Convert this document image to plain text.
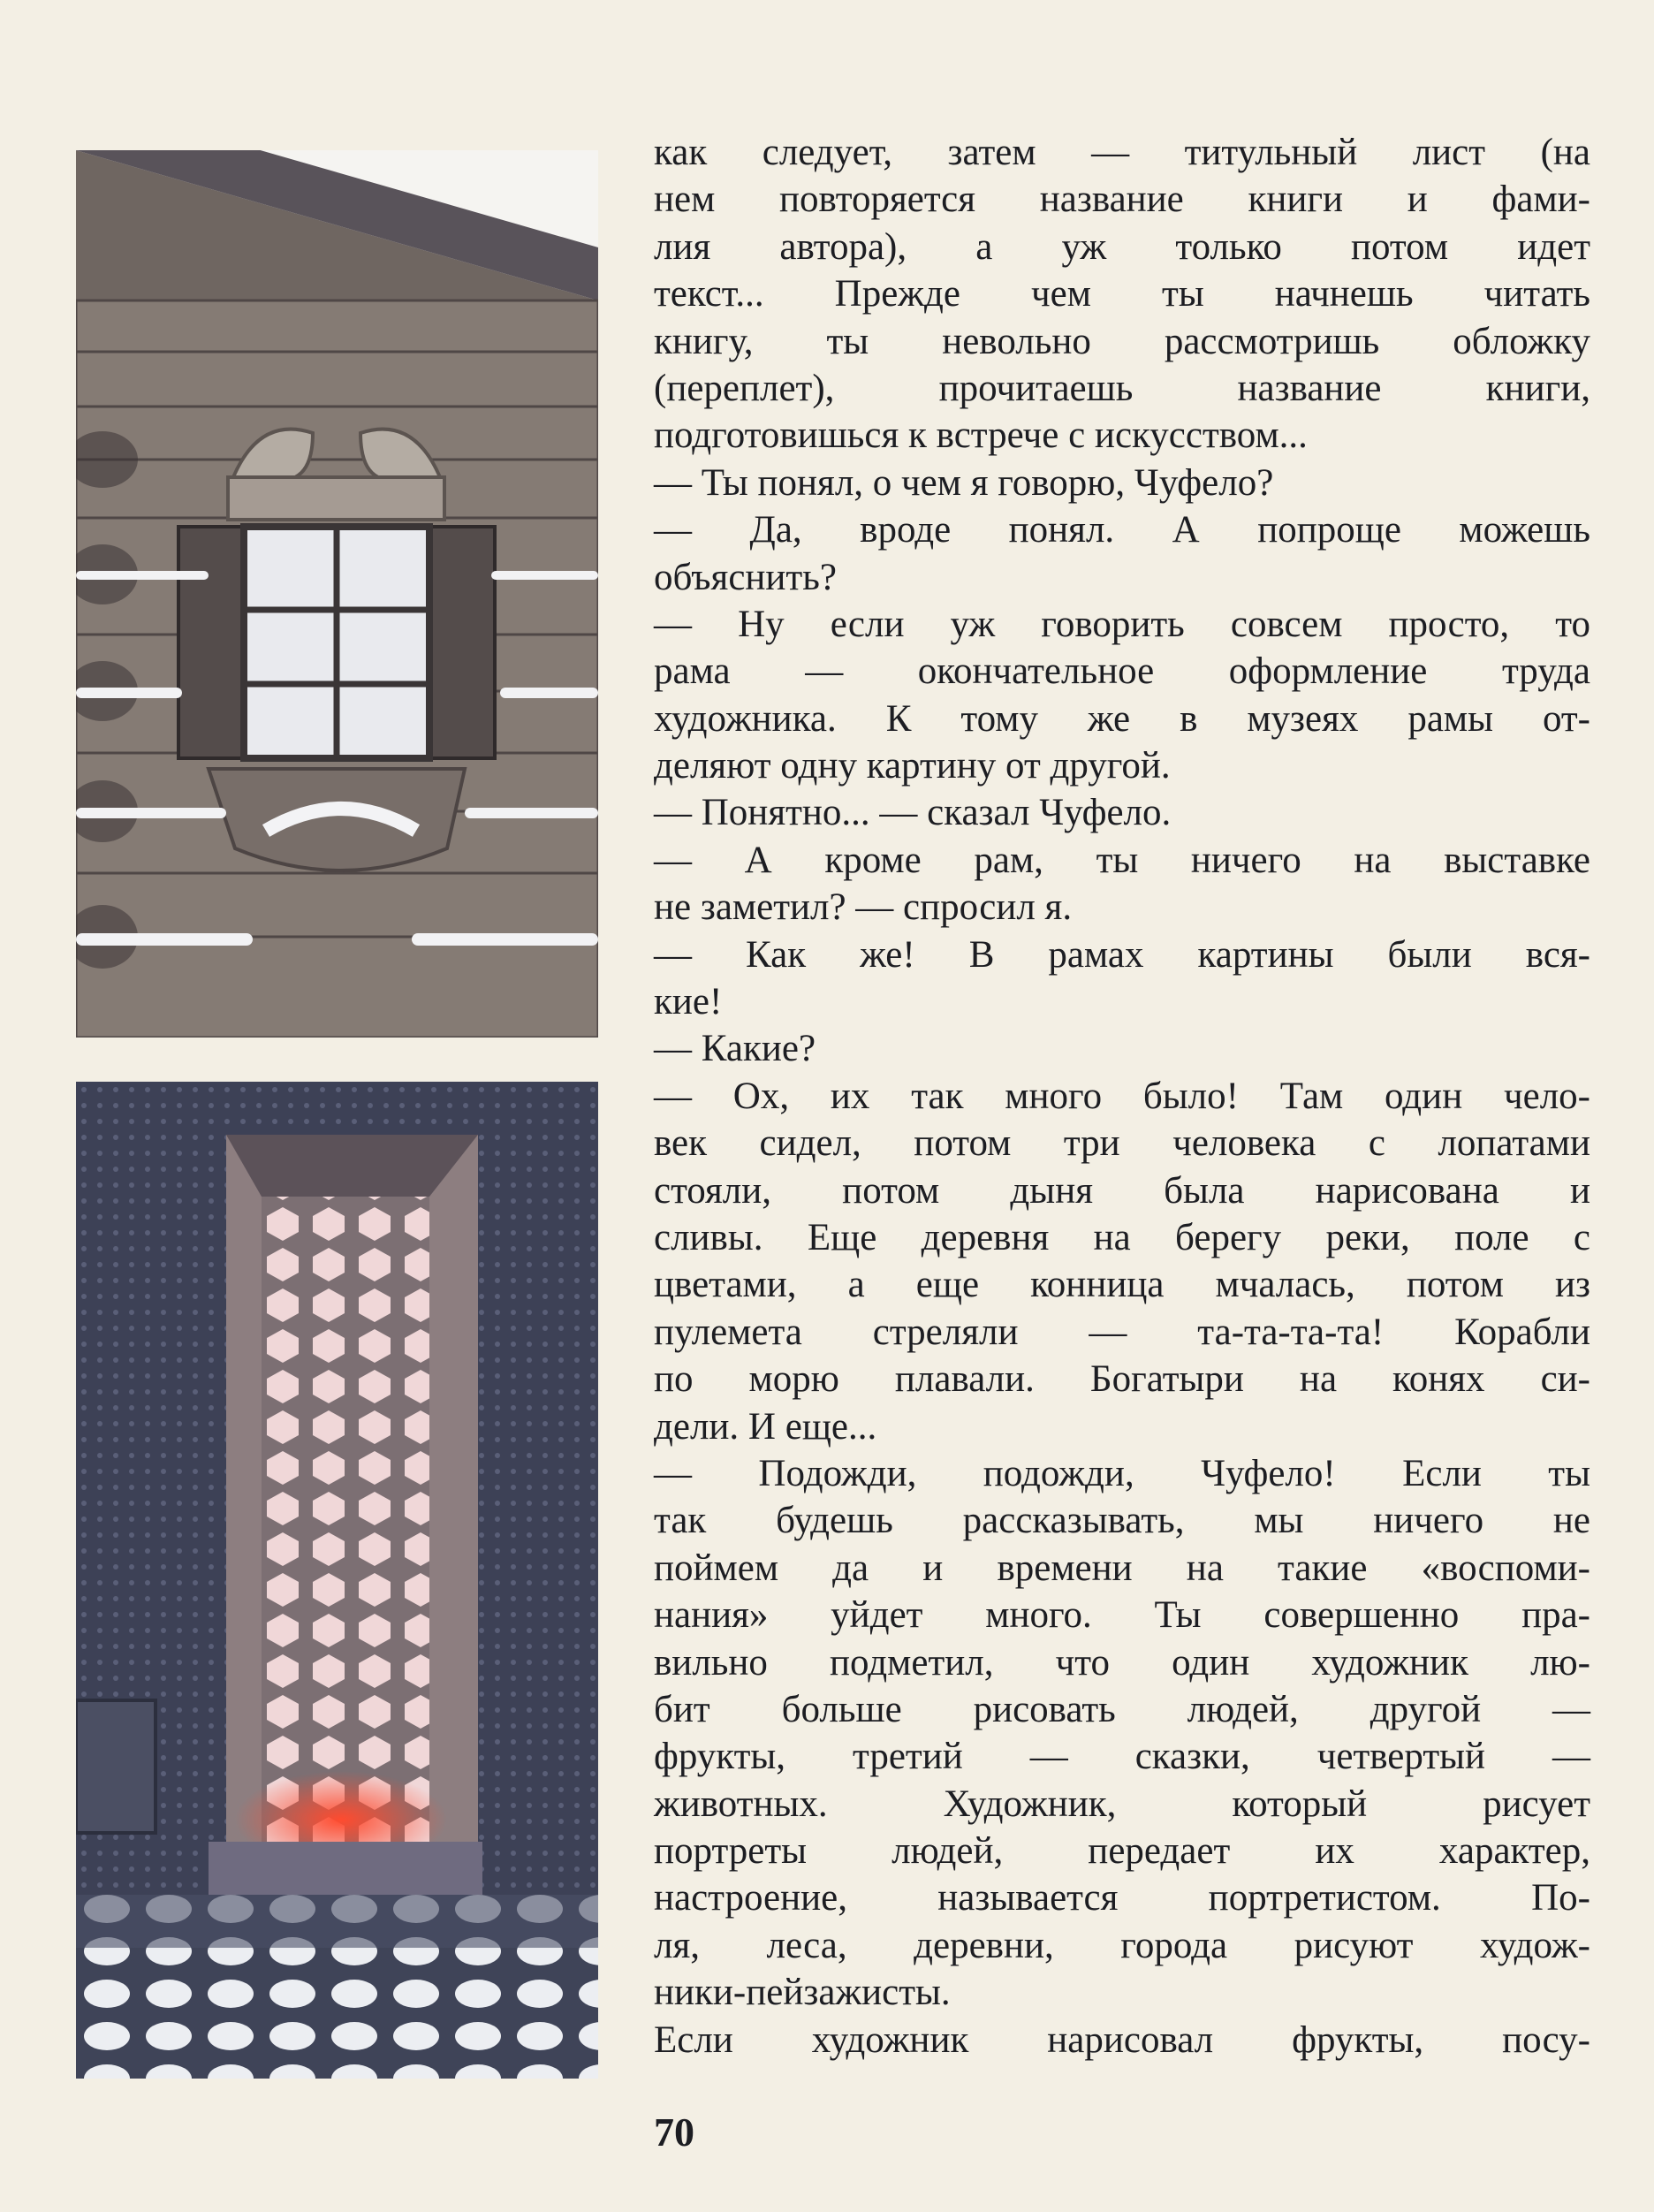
как следует, затем — титульный лист (на
нем повторяется название книги и фами-
лия автора), а уж только потом идет
текст... Прежде чем ты начнешь читать
книгу, ты невольно рассмотришь обложку
(переплет), прочитаешь название книги,
подготовишься к встрече с искусством...
— Ты понял, о чем я говорю, Чуфело?
— Да, вроде понял. А попроще можешь
объяснить?
— Ну если уж говорить совсем просто, то
рама — окончательное оформление труда
художника. К тому же в музеях рамы от-
деляют одну картину от другой.
— Понятно... — сказал Чуфело.
— А кроме рам, ты ничего на выставке
не заметил? — спросил я.
— Как же! В рамах картины были вся-
кие!
— Какие?
— Ох, их так много было! Там один чело-
век сидел, потом три человека с лопатами
стояли, потом дыня была нарисована и
сливы. Еще деревня на берегу реки, поле с
цветами, а еще конница мчалась, потом из
пулемета стреляли — та-та-та-та! Корабли
по морю плавали. Богатыри на конях си-
дели. И еще...
— Подожди, подожди, Чуфело! Если ты
так будешь рассказывать, мы ничего не
поймем да и времени на такие «воспоми-
нания» уйдет много. Ты совершенно пра-
вильно подметил, что один художник лю-
бит больше рисовать людей, другой —
фрукты, третий — сказки, четвертый —
животных. Художник, который рисует
портреты людей, передает их характер,
настроение, называется портретистом. По-
ля, леса, деревни, города рисуют худож-
ники-пейзажисты.
Если художник нарисовал фрукты, посу-
70
